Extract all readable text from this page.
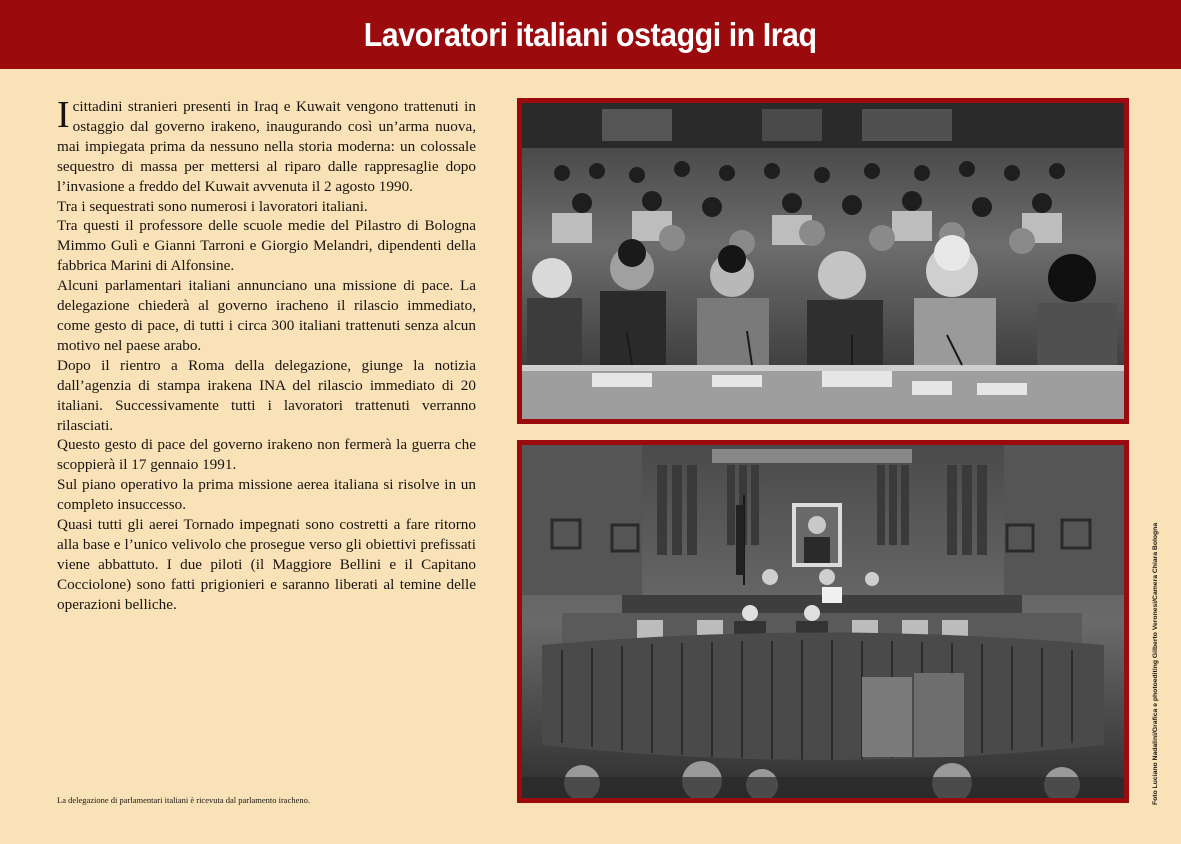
Lavoratori italiani ostaggi in Iraq

Icittadini stranieri presenti in Iraq e Kuwait vengono trattenuti in ostaggio dal governo irakeno, inaugurando così un’arma nuova, mai impiegata prima da nessuno nella storia moderna: un colossale sequestro di massa per mettersi al riparo dalle rappresaglie dopo l’invasione a freddo del Kuwait avvenuta il 2 agosto 1990.

Tra i sequestrati sono numerosi i lavoratori italiani.

Tra questi il professore delle scuole medie del Pilastro di Bologna Mimmo Gulì e Gianni Tarroni e Giorgio Melandri, dipendenti della fabbrica Marini di Alfonsine.

Alcuni parlamentari italiani annunciano una missione di pace. La delegazione chiederà al governo iracheno il rilascio immediato, come gesto di pace, di tutti i circa 300 italiani trattenuti senza alcun motivo nel paese arabo.

Dopo il rientro a Roma della delegazione, giunge la notizia dall’agenzia di stampa irakena INA del rilascio immediato di 20 italiani. Successivamente tutti i lavoratori trattenuti verranno rilasciati.

Questo gesto di pace del governo irakeno non fermerà la guerra che scoppierà il 17 gennaio 1991.

Sul piano operativo la prima missione aerea italiana si risolve in un completo insuccesso.

Quasi tutti gli aerei Tornado impegnati sono costretti a fare ritorno alla base e l’unico velivolo che prosegue verso gli obiettivi prefissati viene abbattuto. I due piloti (il Maggiore Bellini e il Capitano Cocciolone) sono fatti prigionieri e saranno liberati al temine delle operazioni belliche.

La delegazione di parlamentari italiani è ricevuta dal parlamento iracheno.	Foto Luciano Nadalini/Grafica e photoediting Gilberto Veronesi/Camera Chiara Bologna
